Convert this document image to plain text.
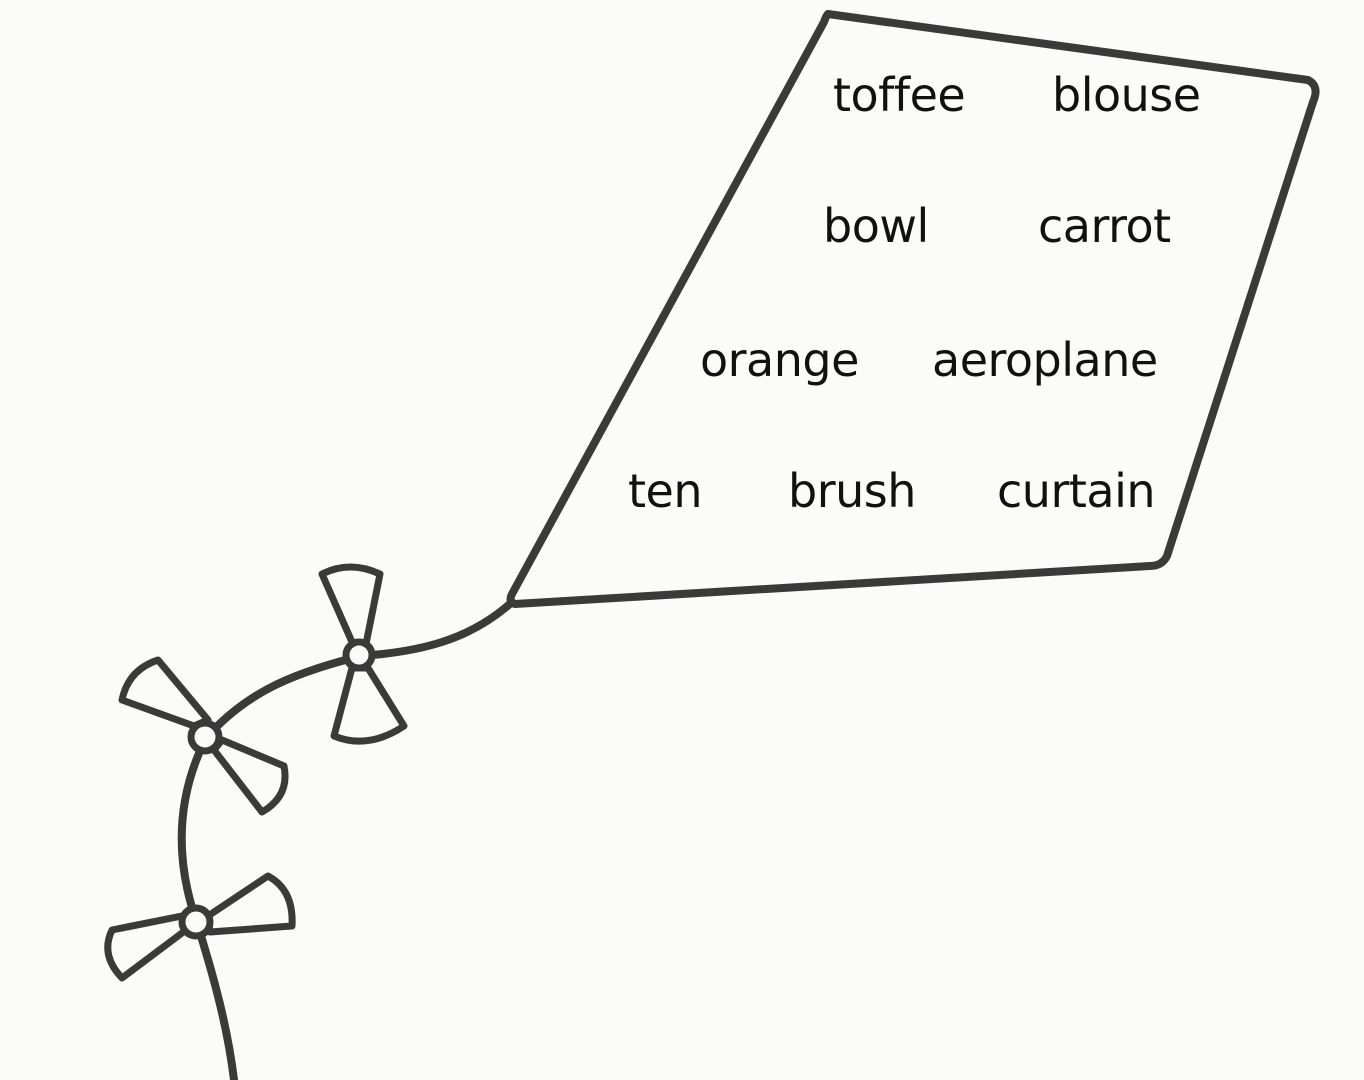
toffee blouse
bowl carrot
orange aeroplane
ten brush curtain
